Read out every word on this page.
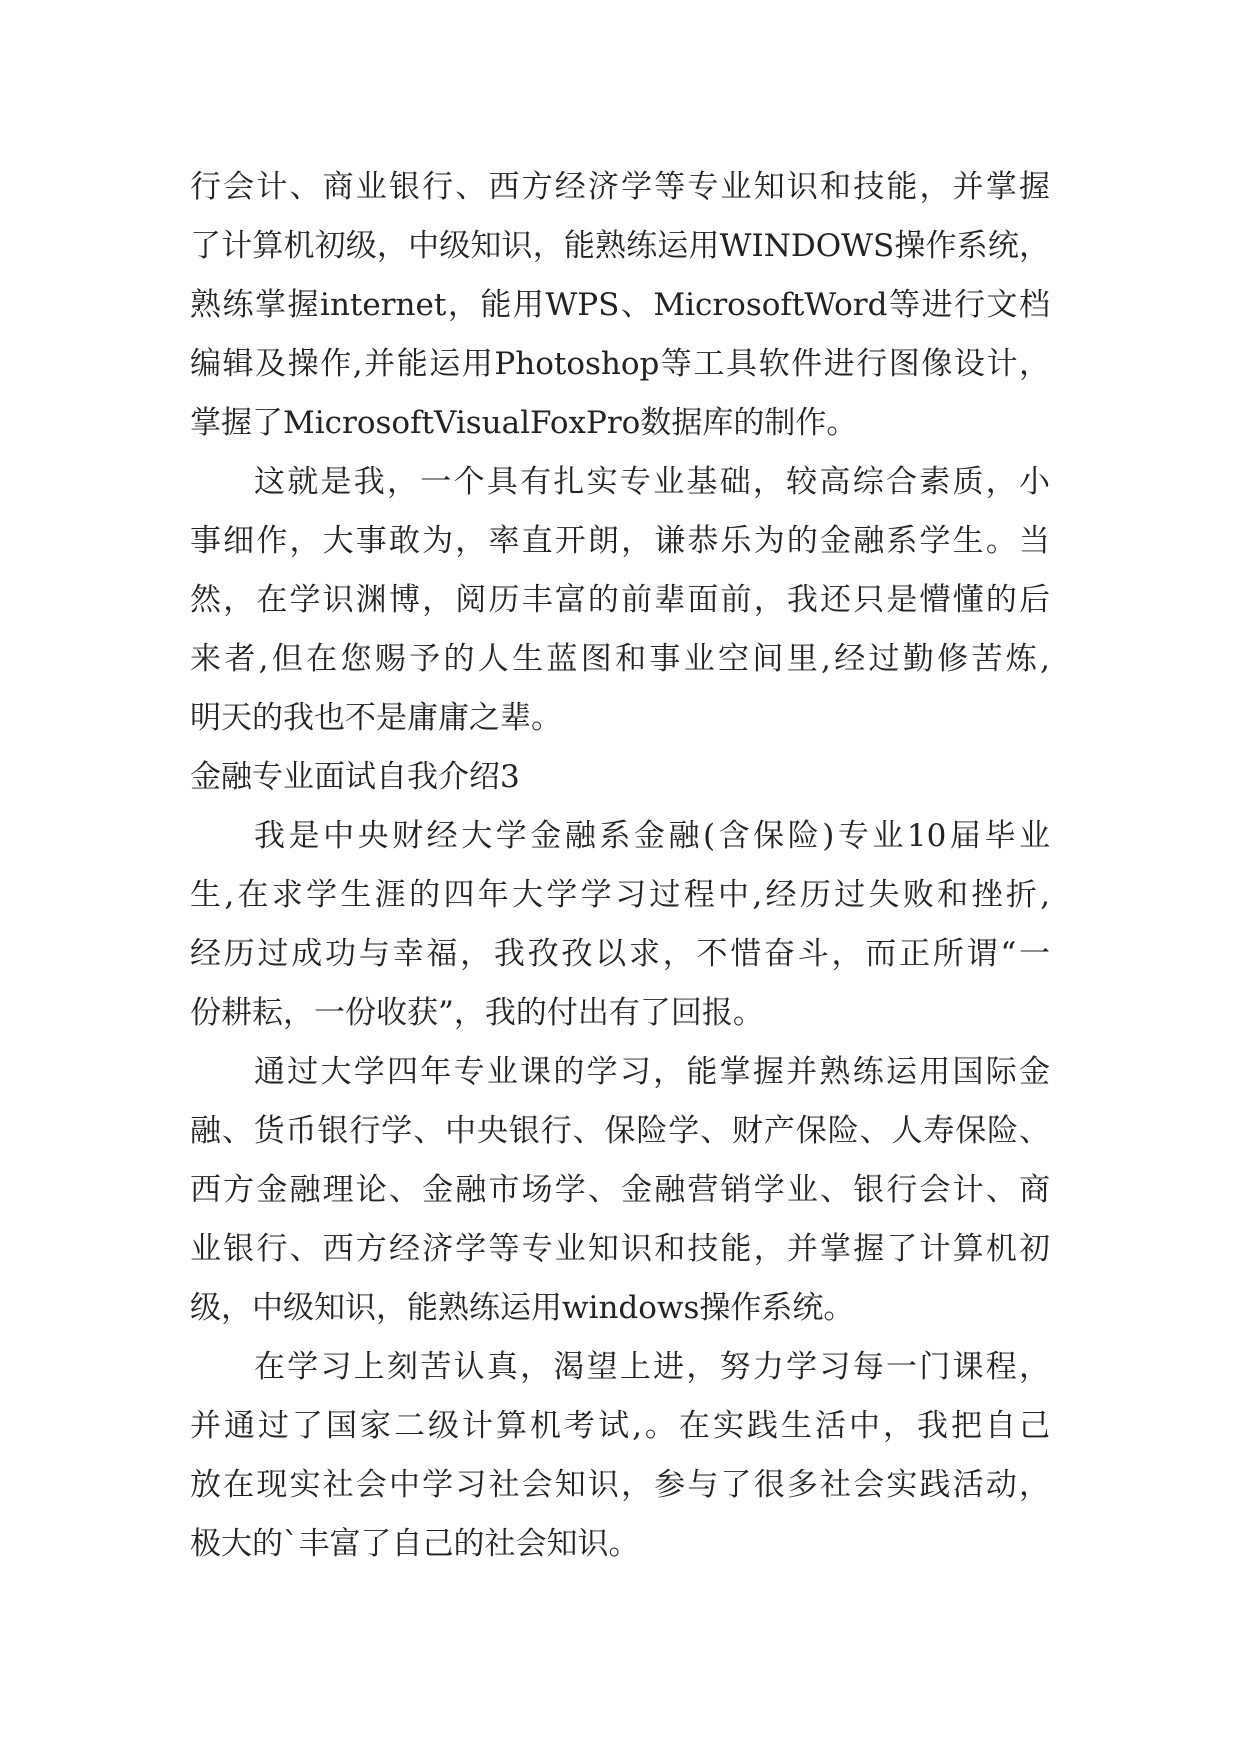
行会计、商业银行、西方经济学等专业知识和技能，并掌握
了计算机初级，中级知识，能熟练运用WINDOWS操作系统，
熟练掌握internet，能用WPS、MicrosoftWord等进行文档
编辑及操作,并能运用Photoshop等工具软件进行图像设计，
掌握了MicrosoftVisualFoxPro数据库的制作。
这就是我，一个具有扎实专业基础，较高综合素质，小
事细作，大事敢为，率直开朗，谦恭乐为的金融系学生。当
然，在学识渊博，阅历丰富的前辈面前，我还只是懵懂的后
来者,但在您赐予的人生蓝图和事业空间里,经过勤修苦炼,
明天的我也不是庸庸之辈。
金融专业面试自我介绍3
我是中央财经大学金融系金融(含保险)专业10届毕业
生,在求学生涯的四年大学学习过程中,经历过失败和挫折,
经历过成功与幸福，我孜孜以求，不惜奋斗，而正所谓“一
份耕耘，一份收获”，我的付出有了回报。
通过大学四年专业课的学习，能掌握并熟练运用国际金
融、货币银行学、中央银行、保险学、财产保险、人寿保险、
西方金融理论、金融市场学、金融营销学业、银行会计、商
业银行、西方经济学等专业知识和技能，并掌握了计算机初
级，中级知识，能熟练运用windows操作系统。
在学习上刻苦认真，渴望上进，努力学习每一门课程，
并通过了国家二级计算机考试,。在实践生活中，我把自己
放在现实社会中学习社会知识，参与了很多社会实践活动，
极大的`丰富了自己的社会知识。
